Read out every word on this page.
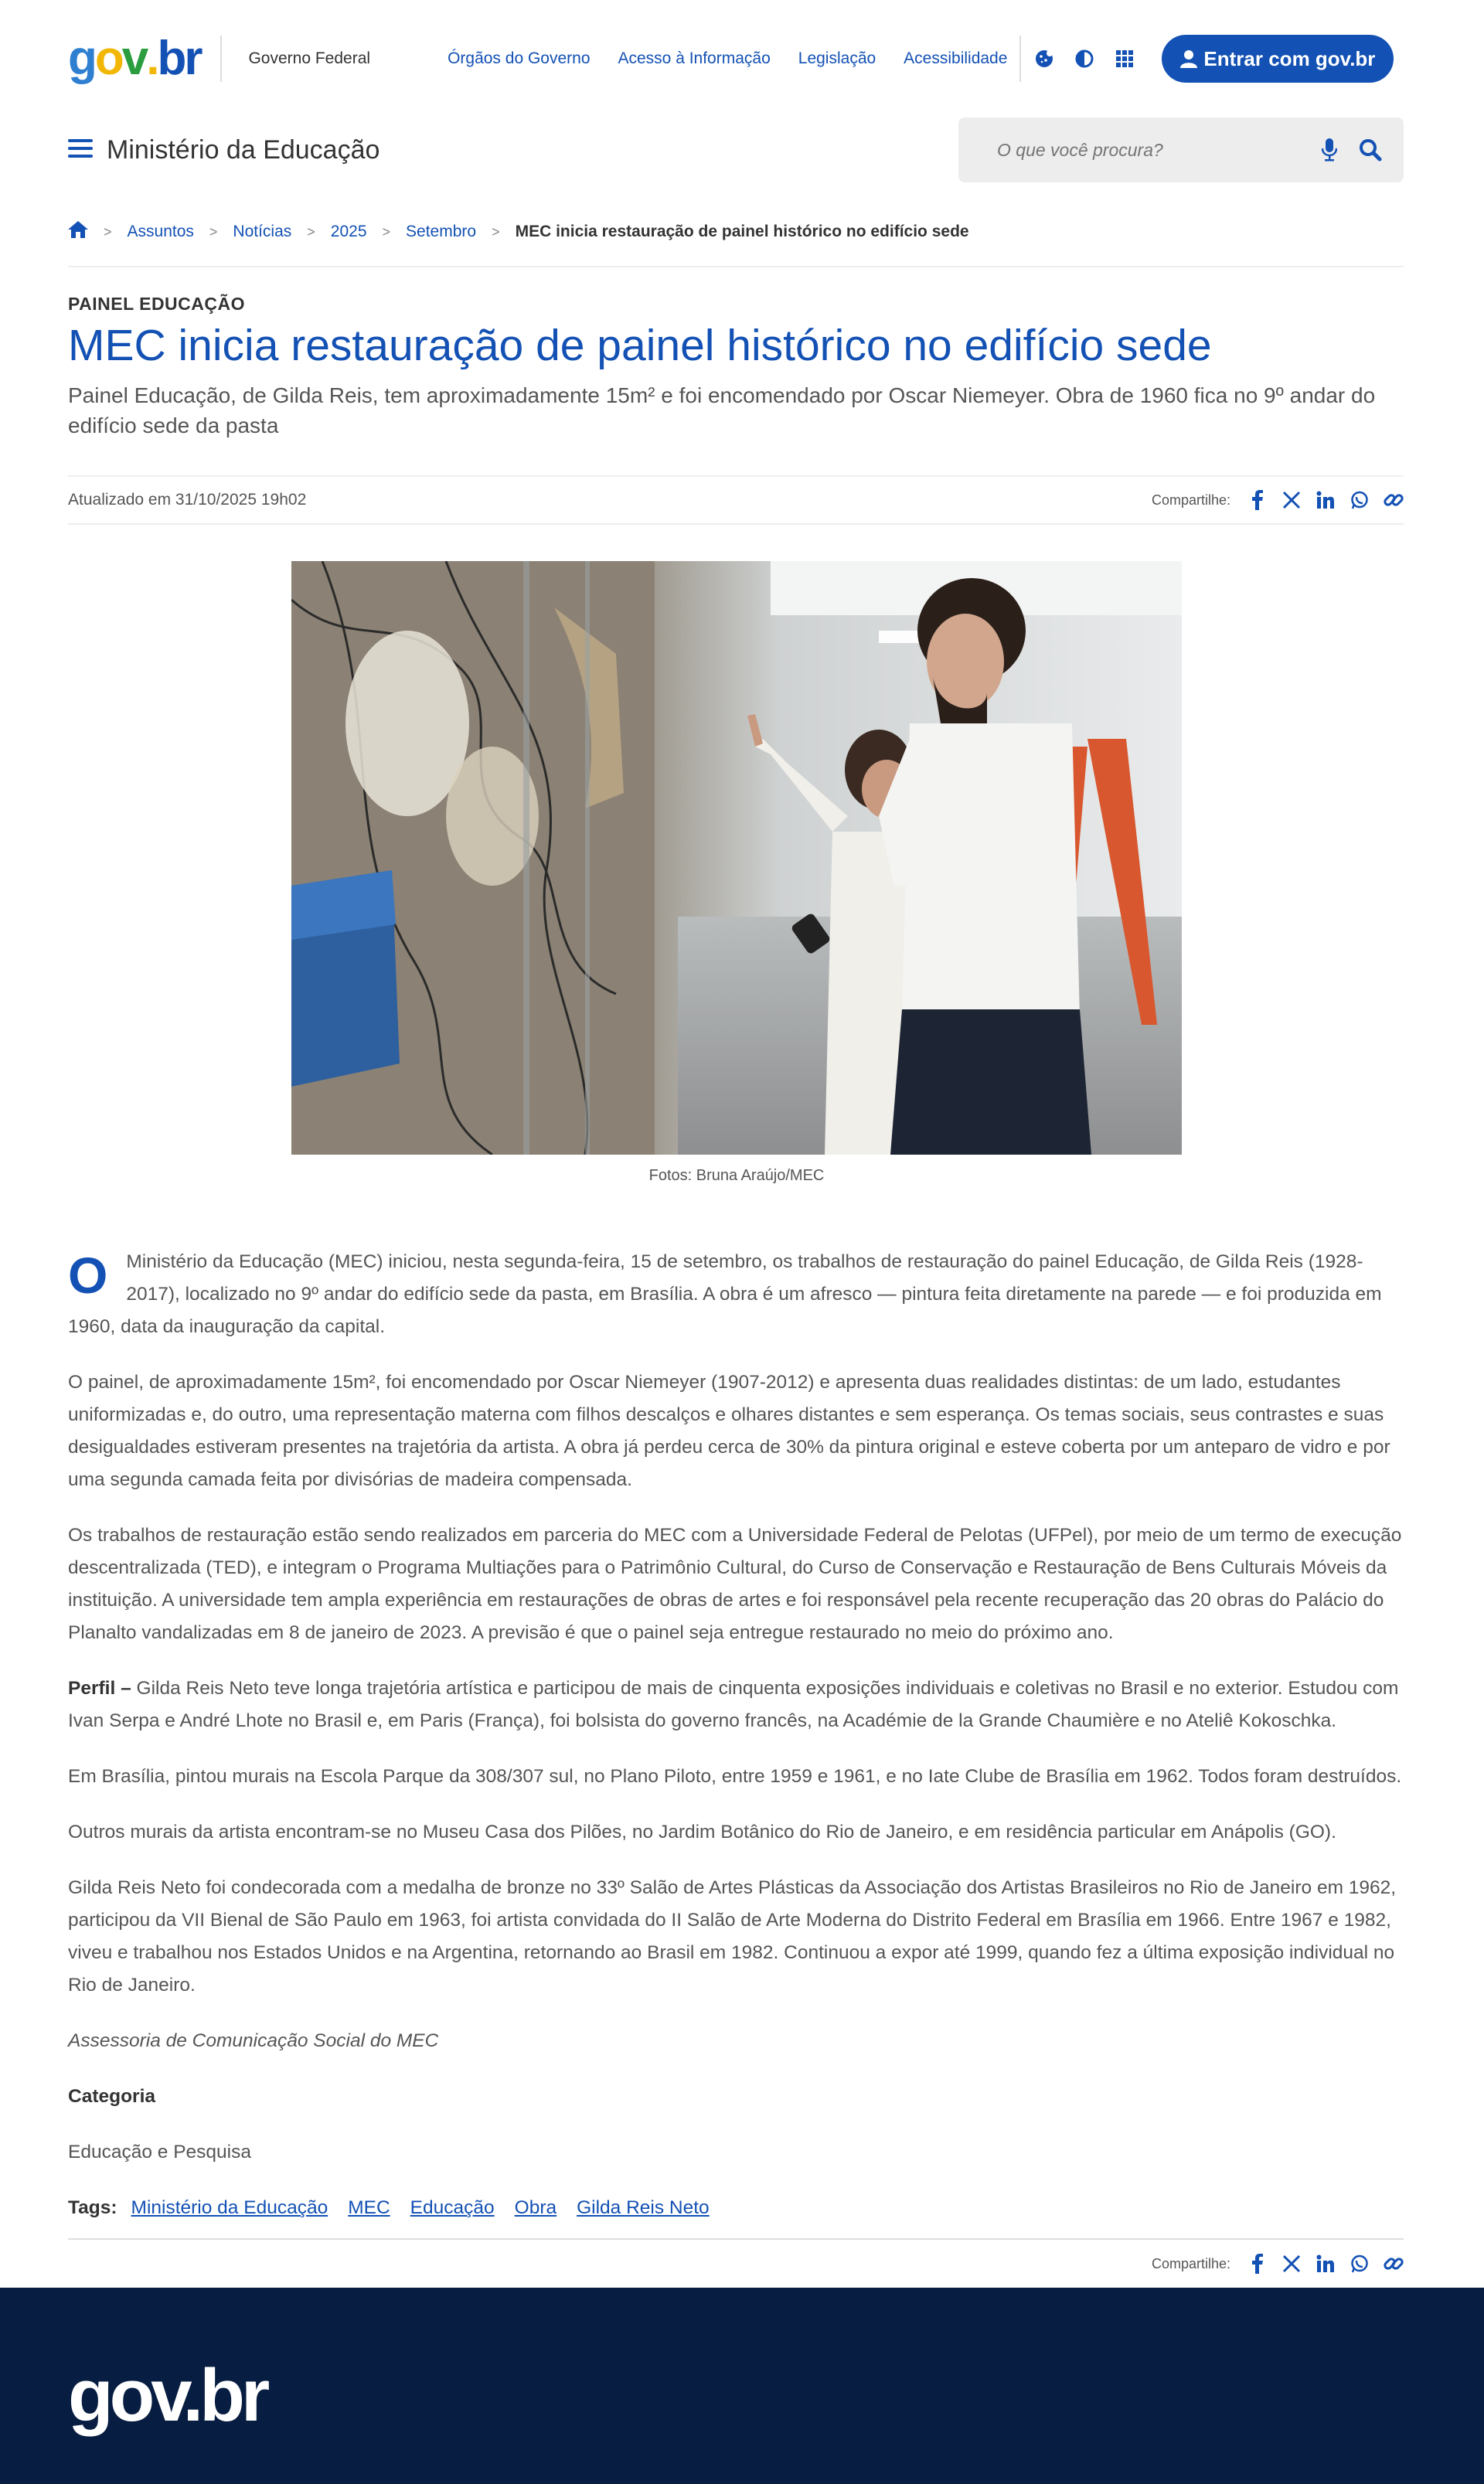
g o v . br	Governo Federal	Órgãos do Governo Acesso à Informação Legislação Acessibilidade	Entrar com gov.br
Ministério da Educação
O que você procura?
> Assuntos > Notícias > 2025 > Setembro > MEC inicia restauração de painel histórico no edifício sede
PAINEL EDUCAÇÃO
MEC inicia restauração de painel histórico no edifício sede

Painel Educação, de Gilda Reis, tem aproximadamente 15m² e foi encomendado por Oscar Niemeyer. Obra de 1960 fica no 9º andar do edifício sede da pasta

Atualizado em 31/10/2025 19h02	Compartilhe:
Fotos: Bruna Araújo/MEC

O Ministério da Educação (MEC) iniciou, nesta segunda-feira, 15 de setembro, os trabalhos de restauração do painel Educação, de Gilda Reis (1928-2017), localizado no 9º andar do edifício sede da pasta, em Brasília. A obra é um afresco — pintura feita diretamente na parede — e foi produzida em 1960, data da inauguração da capital.

O painel, de aproximadamente 15m², foi encomendado por Oscar Niemeyer (1907-2012) e apresenta duas realidades distintas: de um lado, estudantes uniformizadas e, do outro, uma representação materna com filhos descalços e olhares distantes e sem esperança. Os temas sociais, seus contrastes e suas desigualdades estiveram presentes na trajetória da artista. A obra já perdeu cerca de 30% da pintura original e esteve coberta por um anteparo de vidro e por uma segunda camada feita por divisórias de madeira compensada.

Os trabalhos de restauração estão sendo realizados em parceria do MEC com a Universidade Federal de Pelotas (UFPel), por meio de um termo de execução descentralizada (TED), e integram o Programa Multiações para o Patrimônio Cultural, do Curso de Conservação e Restauração de Bens Culturais Móveis da instituição. A universidade tem ampla experiência em restaurações de obras de artes e foi responsável pela recente recuperação das 20 obras do Palácio do Planalto vandalizadas em 8 de janeiro de 2023. A previsão é que o painel seja entregue restaurado no meio do próximo ano.

Perfil – Gilda Reis Neto teve longa trajetória artística e participou de mais de cinquenta exposições individuais e coletivas no Brasil e no exterior. Estudou com Ivan Serpa e André Lhote no Brasil e, em Paris (França), foi bolsista do governo francês, na Académie de la Grande Chaumière e no Ateliê Kokoschka.

Em Brasília, pintou murais na Escola Parque da 308/307 sul, no Plano Piloto, entre 1959 e 1961, e no Iate Clube de Brasília em 1962. Todos foram destruídos.

Outros murais da artista encontram-se no Museu Casa dos Pilões, no Jardim Botânico do Rio de Janeiro, e em residência particular em Anápolis (GO).

Gilda Reis Neto foi condecorada com a medalha de bronze no 33º Salão de Artes Plásticas da Associação dos Artistas Brasileiros no Rio de Janeiro em 1962, participou da VII Bienal de São Paulo em 1963, foi artista convidada do II Salão de Arte Moderna do Distrito Federal em Brasília em 1966. Entre 1967 e 1982, viveu e trabalhou nos Estados Unidos e na Argentina, retornando ao Brasil em 1982. Continuou a expor até 1999, quando fez a última exposição individual no Rio de Janeiro.

Assessoria de Comunicação Social do MEC

Categoria

Educação e Pesquisa

Tags: Ministério da Educação MEC Educação Obra Gilda Reis Neto
Compartilhe:
gov.br
